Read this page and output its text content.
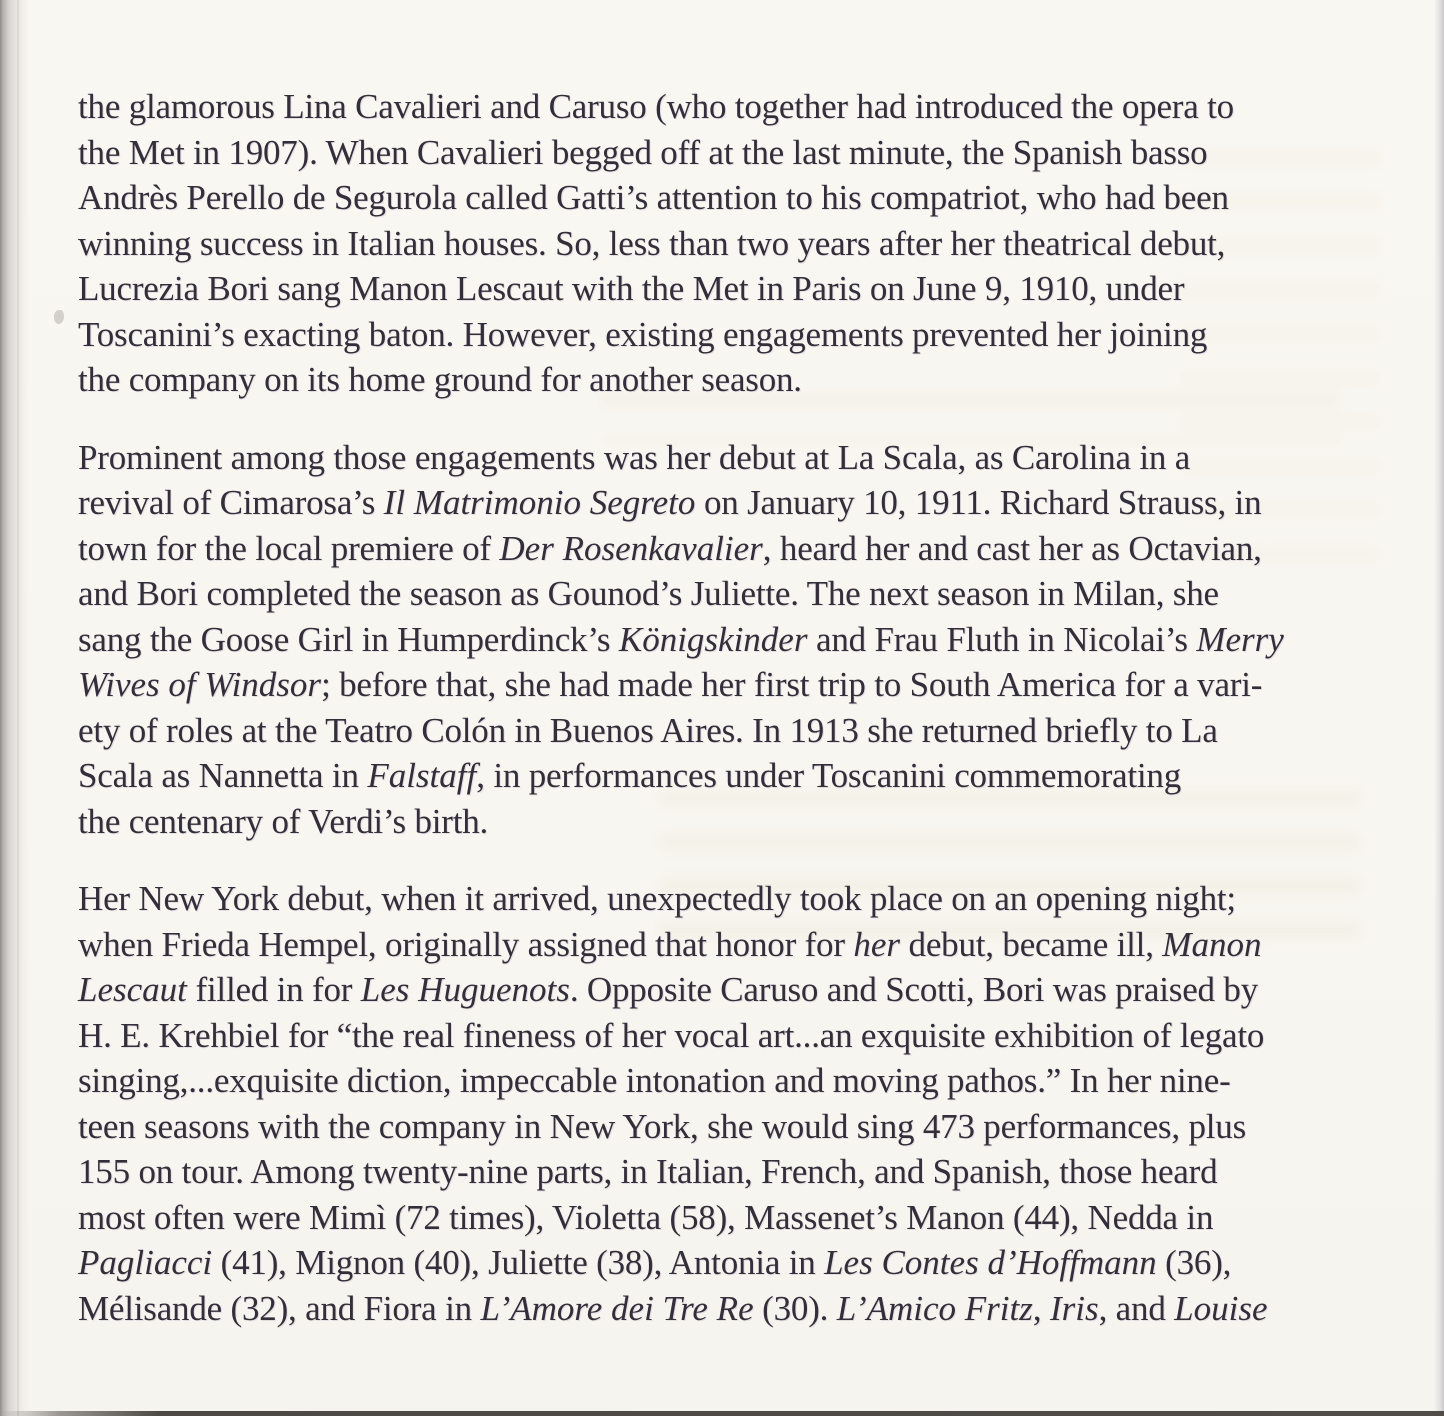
the glamorous Lina Cavalieri and Caruso (who together had introduced the opera to
the Met in 1907). When Cavalieri begged off at the last minute, the Spanish basso
Andrès Perello de Segurola called Gatti’s attention to his compatriot, who had been
winning success in Italian houses. So, less than two years after her theatrical debut,
Lucrezia Bori sang Manon Lescaut with the Met in Paris on June 9, 1910, under
Toscanini’s exacting baton. However, existing engagements prevented her joining
the company on its home ground for another season.
Prominent among those engagements was her debut at La Scala, as Carolina in a
revival of Cimarosa’s Il Matrimonio Segreto on January 10, 1911. Richard Strauss, in
town for the local premiere of Der Rosenkavalier, heard her and cast her as Octavian,
and Bori completed the season as Gounod’s Juliette. The next season in Milan, she
sang the Goose Girl in Humperdinck’s Königskinder and Frau Fluth in Nicolai’s Merry
Wives of Windsor; before that, she had made her first trip to South America for a vari-
ety of roles at the Teatro Colón in Buenos Aires. In 1913 she returned briefly to La
Scala as Nannetta in Falstaff, in performances under Toscanini commemorating
the centenary of Verdi’s birth.
Her New York debut, when it arrived, unexpectedly took place on an opening night;
when Frieda Hempel, originally assigned that honor for her debut, became ill, Manon
Lescaut filled in for Les Huguenots. Opposite Caruso and Scotti, Bori was praised by
H. E. Krehbiel for “the real fineness of her vocal art...an exquisite exhibition of legato
singing,...exquisite diction, impeccable intonation and moving pathos.” In her nine-
teen seasons with the company in New York, she would sing 473 performances, plus
155 on tour. Among twenty-nine parts, in Italian, French, and Spanish, those heard
most often were Mimì (72 times), Violetta (58), Massenet’s Manon (44), Nedda in
Pagliacci (41), Mignon (40), Juliette (38), Antonia in Les Contes d’Hoffmann (36),
Mélisande (32), and Fiora in L’Amore dei Tre Re (30). L’Amico Fritz, Iris, and Louise
